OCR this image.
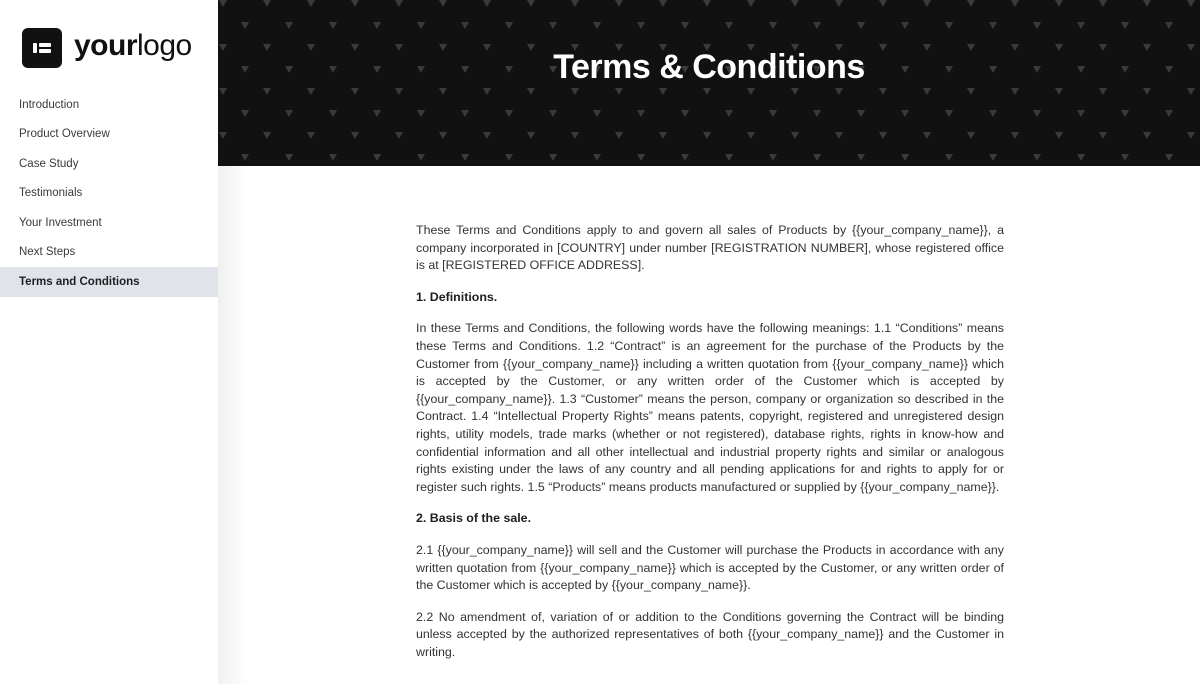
yourlogo
Introduction
Product Overview
Case Study
Testimonials
Your Investment
Next Steps
Terms and Conditions
Terms & Conditions

These Terms and Conditions apply to and govern all sales of Products by {{your_company_name}}, a company incorporated in [COUNTRY] under number [REGISTRATION NUMBER], whose registered office is at [REGISTERED OFFICE ADDRESS].

1. Definitions.

In these Terms and Conditions, the following words have the following meanings: 1.1 “Conditions” means these Terms and Conditions. 1.2 “Contract” is an agreement for the purchase of the Products by the Customer from {{your_company_name}} including a written quotation from {{your_company_name}} which is accepted by the Customer, or any written order of the Customer which is accepted by {{your_company_name}}. 1.3 “Customer” means the person, company or organization so described in the Contract. 1.4 “Intellectual Property Rights” means patents, copyright, registered and unregistered design rights, utility models, trade marks (whether or not registered), database rights, rights in know-how and confidential information and all other intellectual and industrial property rights and similar or analogous rights existing under the laws of any country and all pending applications for and rights to apply for or register such rights. 1.5 “Products” means products manufactured or supplied by {{your_company_name}}.

2. Basis of the sale.

2.1 {{your_company_name}} will sell and the Customer will purchase the Products in accordance with any written quotation from {{your_company_name}} which is accepted by the Customer, or any written order of the Customer which is accepted by {{your_company_name}}.

2.2 No amendment of, variation of or addition to the Conditions governing the Contract will be binding unless accepted by the authorized representatives of both {{your_company_name}} and the Customer in writing.
